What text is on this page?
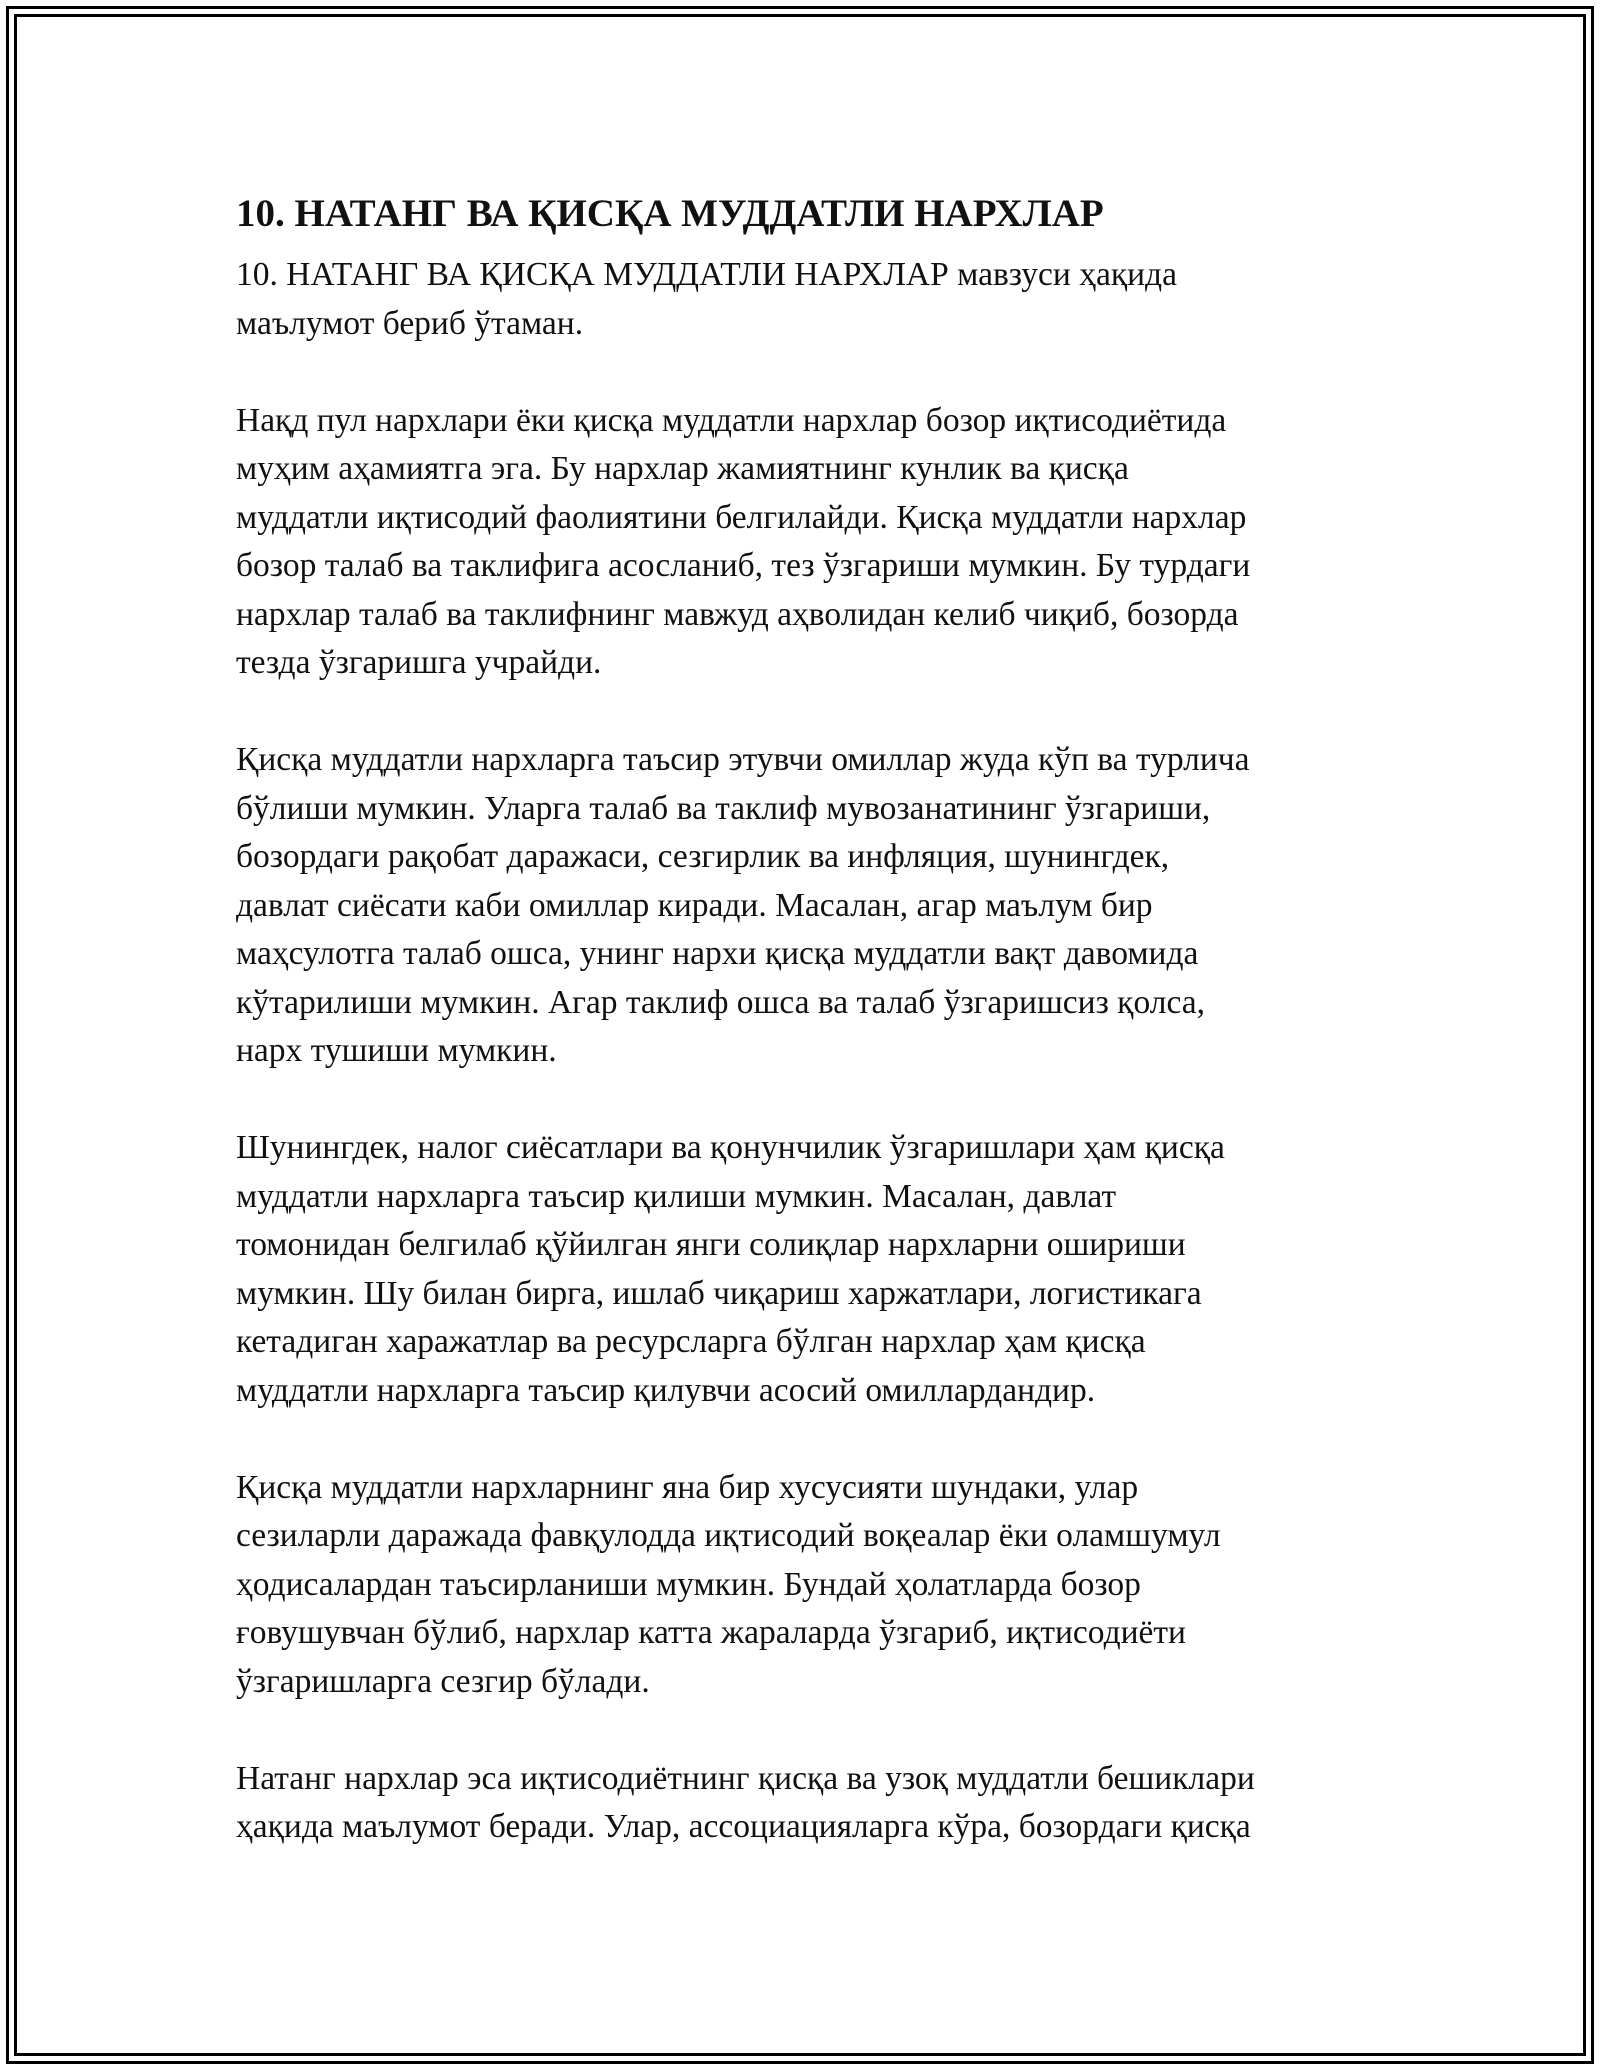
10. НАТАНГ ВА ҚИСҚА МУДДАТЛИ НАРХЛАР
10. НАТАНГ ВА ҚИСҚА МУДДАТЛИ НАРХЛАР мавзуси ҳақида
маълумот бериб ўтаман.
Нақд пул нархлари ёки қисқа муддатли нархлар бозор иқтисодиётида
муҳим аҳамиятга эга. Бу нархлар жамиятнинг кунлик ва қисқа
муддатли иқтисодий фаолиятини белгилайди. Қисқа муддатли нархлар
бозор талаб ва таклифига асосланиб, тез ўзгариши мумкин. Бу турдаги
нархлар талаб ва таклифнинг мавжуд аҳволидан келиб чиқиб, бозорда
тезда ўзгаришга учрайди.
Қисқа муддатли нархларга таъсир этувчи омиллар жуда кўп ва турлича
бўлиши мумкин. Уларга талаб ва таклиф мувозанатининг ўзгариши,
бозордаги рақобат даражаси, сезгирлик ва инфляция, шунингдек,
давлат сиёсати каби омиллар киради. Масалан, агар маълум бир
маҳсулотга талаб ошса, унинг нархи қисқа муддатли вақт давомида
кўтарилиши мумкин. Агар таклиф ошса ва талаб ўзгаришсиз қолса,
нарх тушиши мумкин.
Шунингдек, налог сиёсатлари ва қонунчилик ўзгаришлари ҳам қисқа
муддатли нархларга таъсир қилиши мумкин. Масалан, давлат
томонидан белгилаб қўйилган янги солиқлар нархларни ошириши
мумкин. Шу билан бирга, ишлаб чиқариш харжатлари, логистикага
кетадиган харажатлар ва ресурсларга бўлган нархлар ҳам қисқа
муддатли нархларга таъсир қилувчи асосий омиллардандир.
Қисқа муддатли нархларнинг яна бир хусусияти шундаки, улар
сезиларли даражада фавқулодда иқтисодий воқеалар ёки оламшумул
ҳодисалардан таъсирланиши мумкин. Бундай ҳолатларда бозор
ғовушувчан бўлиб, нархлар катта жараларда ўзгариб, иқтисодиёти
ўзгаришларга сезгир бўлади.
Натанг нархлар эса иқтисодиётнинг қисқа ва узоқ муддатли бешиклари
ҳақида маълумот беради. Улар, ассоциацияларга кўра, бозордаги қисқа
